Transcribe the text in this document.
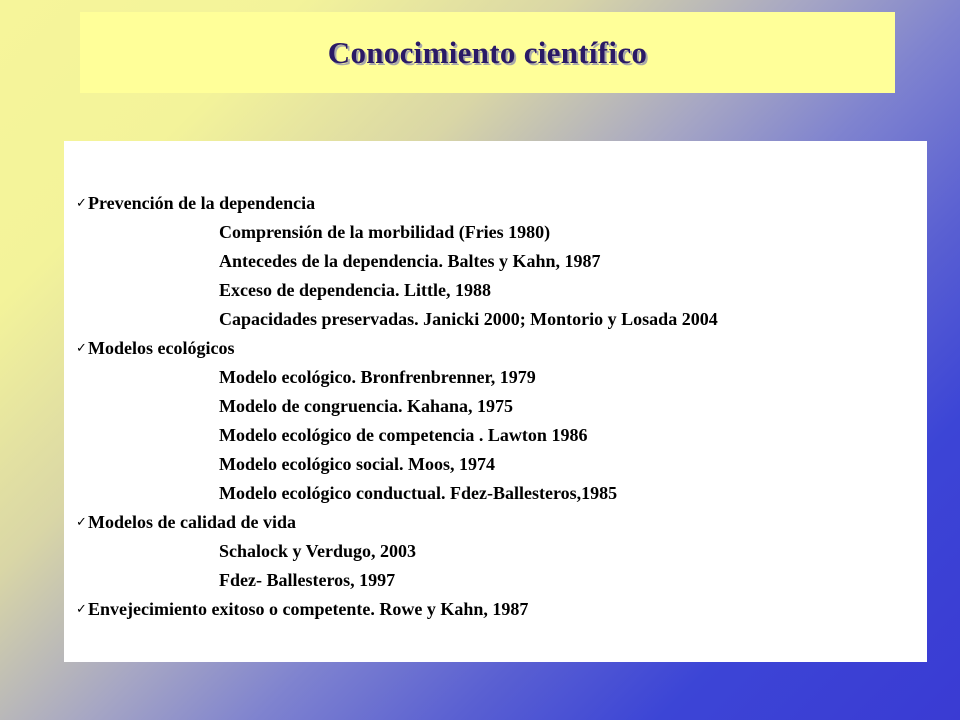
Conocimiento científico
✓ Prevención de la dependencia
Comprensión de la morbilidad (Fries 1980)
Antecedes de la dependencia. Baltes y Kahn, 1987
Exceso de dependencia. Little, 1988
Capacidades preservadas. Janicki 2000; Montorio y Losada 2004
✓ Modelos ecológicos
Modelo ecológico. Bronfrenbrenner, 1979
Modelo de congruencia. Kahana, 1975
Modelo ecológico de competencia . Lawton 1986
Modelo ecológico social. Moos, 1974
Modelo ecológico conductual. Fdez-Ballesteros,1985
✓ Modelos de calidad de vida
Schalock y Verdugo, 2003
Fdez- Ballesteros, 1997
✓ Envejecimiento exitoso o competente. Rowe y Kahn, 1987
